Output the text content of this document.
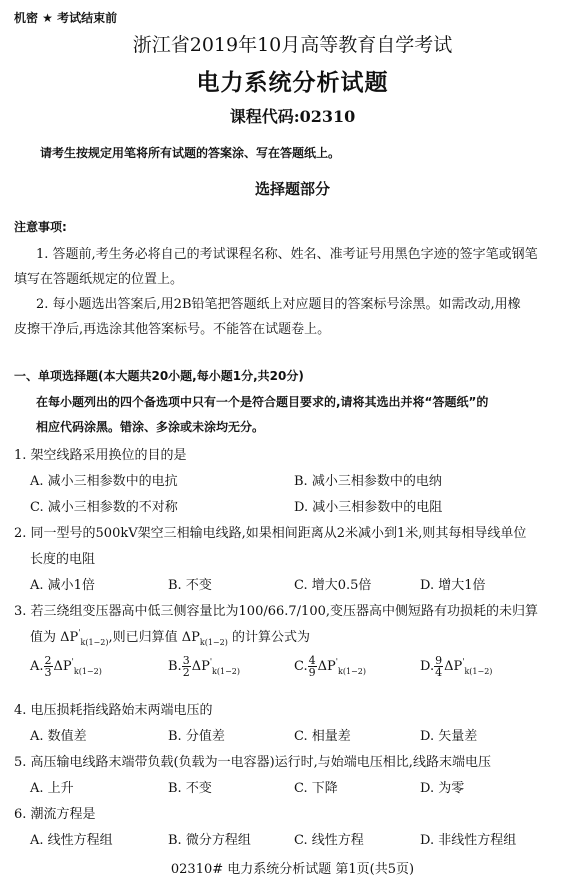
机密 ★ 考试结束前
浙江省2019年10月高等教育自学考试
电力系统分析试题
课程代码:02310
请考生按规定用笔将所有试题的答案涂、写在答题纸上。
选择题部分
注意事项:
1. 答题前,考生务必将自己的考试课程名称、姓名、准考证号用黑色字迹的签字笔或钢笔
填写在答题纸规定的位置上。
2. 每小题选出答案后,用2B铅笔把答题纸上对应题目的答案标号涂黑。如需改动,用橡
皮擦干净后,再选涂其他答案标号。不能答在试题卷上。
一、单项选择题(本大题共20小题,每小题1分,共20分)
在每小题列出的四个备选项中只有一个是符合题目要求的,请将其选出并将“答题纸”的
相应代码涂黑。错涂、多涂或未涂均无分。
1. 架空线路采用换位的目的是
A. 减小三相参数中的电抗	B. 减小三相参数中的电纳
C. 减小三相参数的不对称	D. 减小三相参数中的电阻
2. 同一型号的500kV架空三相输电线路,如果相间距离从2米减小到1米,则其每相导线单位
长度的电阻
A. 减小1倍	B. 不变	C. 增大0.5倍	D. 增大1倍
3. 若三绕组变压器高中低三侧容量比为100/66.7/100,变压器高中侧短路有功损耗的未归算
值为 $\Delta P'_{k(1-2)}$,则已归算值 $\Delta P_{k(1-2)}$ 的计算公式为
A. $\frac{2}{3} \Delta P'_{k(1-2)}$	B. $\frac{3}{2} \Delta P'_{k(1-2)}$	C. $\frac{4}{9} \Delta P'_{k(1-2)}$	D. $\frac{9}{4} \Delta P'_{k(1-2)}$
4. 电压损耗指线路始末两端电压的
A. 数值差	B. 分值差	C. 相量差	D. 矢量差
5. 高压输电线路末端带负载(负载为一电容器)运行时,与始端电压相比,线路末端电压
A. 上升	B. 不变	C. 下降	D. 为零
6. 潮流方程是
A. 线性方程组	B. 微分方程组	C. 线性方程	D. 非线性方程组
02310# 电力系统分析试题 第1页(共5页)
